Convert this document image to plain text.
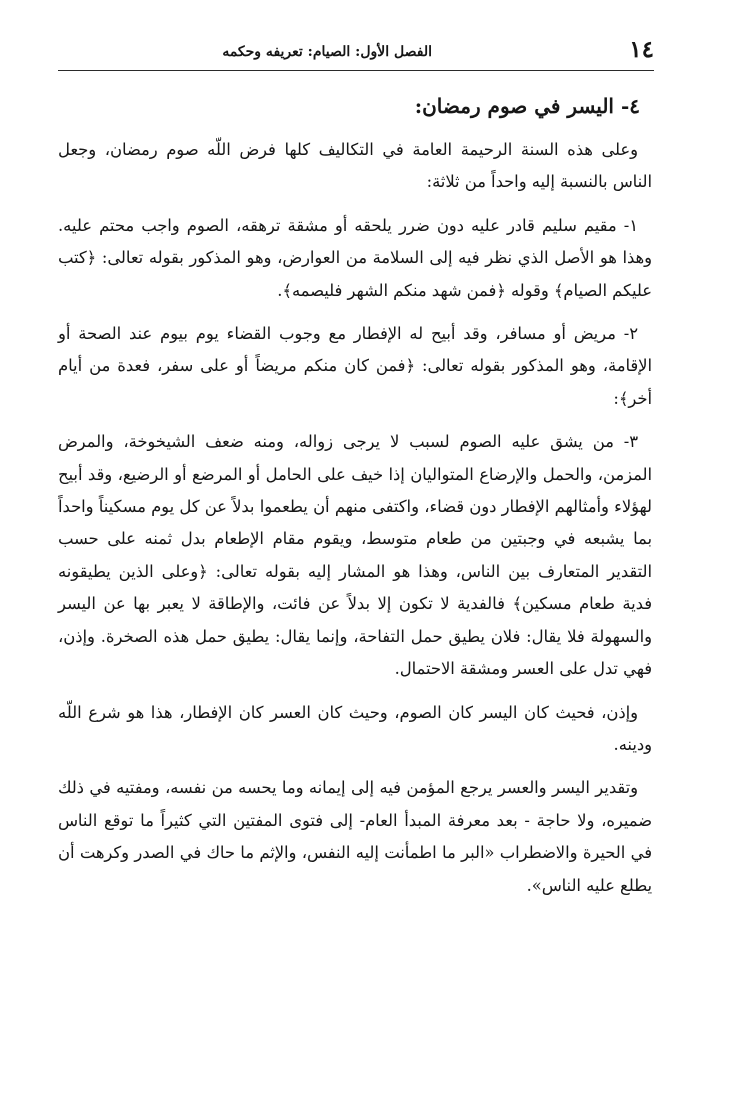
١٤
الفصل الأول: الصيام: تعريفه وحكمه
٤- اليسر في صوم رمضان:

وعلى هذه السنة الرحيمة العامة في التكاليف كلها فرض اللّه صوم رمضان، وجعل الناس بالنسبة إليه واحداً من ثلاثة:

١- مقيم سليم قادر عليه دون ضرر يلحقه أو مشقة ترهقه، الصوم واجب محتم عليه. وهذا هو الأصل الذي نظر فيه إلى السلامة من العوارض، وهو المذكور بقوله تعالى: ﴿كتب عليكم الصيام﴾ وقوله ﴿فمن شهد منكم الشهر فليصمه﴾.

٢- مريض أو مسافر، وقد أبيح له الإفطار مع وجوب القضاء يوم بيوم عند الصحة أو الإقامة، وهو المذكور بقوله تعالى: ﴿فمن كان منكم مريضاً أو على سفر، فعدة من أيام أخر﴾:

٣- من يشق عليه الصوم لسبب لا يرجى زواله، ومنه ضعف الشيخوخة، والمرض المزمن، والحمل والإرضاع المتواليان إذا خيف على الحامل أو المرضع أو الرضيع، وقد أبيح لهؤلاء وأمثالهم الإفطار دون قضاء، واكتفى منهم أن يطعموا بدلاً عن كل يوم مسكيناً واحداً بما يشبعه في وجبتين من طعام متوسط، ويقوم مقام الإطعام بدل ثمنه على حسب التقدير المتعارف بين الناس، وهذا هو المشار إليه بقوله تعالى: ﴿وعلى الذين يطيقونه فدية طعام مسكين﴾ فالفدية لا تكون إلا بدلاً عن فائت، والإطاقة لا يعبر بها عن اليسر والسهولة فلا يقال: فلان يطيق حمل التفاحة، وإنما يقال: يطيق حمل هذه الصخرة. وإذن، فهي تدل على العسر ومشقة الاحتمال.

وإذن، فحيث كان اليسر كان الصوم، وحيث كان العسر كان الإفطار، هذا هو شرع اللّه ودينه.

وتقدير اليسر والعسر يرجع المؤمن فيه إلى إيمانه وما يحسه من نفسه، ومفتيه في ذلك ضميره، ولا حاجة - بعد معرفة المبدأ العام- إلى فتوى المفتين التي كثيراً ما توقع الناس في الحيرة والاضطراب «البر ما اطمأنت إليه النفس، والإثم ما حاك في الصدر وكرهت أن يطلع عليه الناس».
